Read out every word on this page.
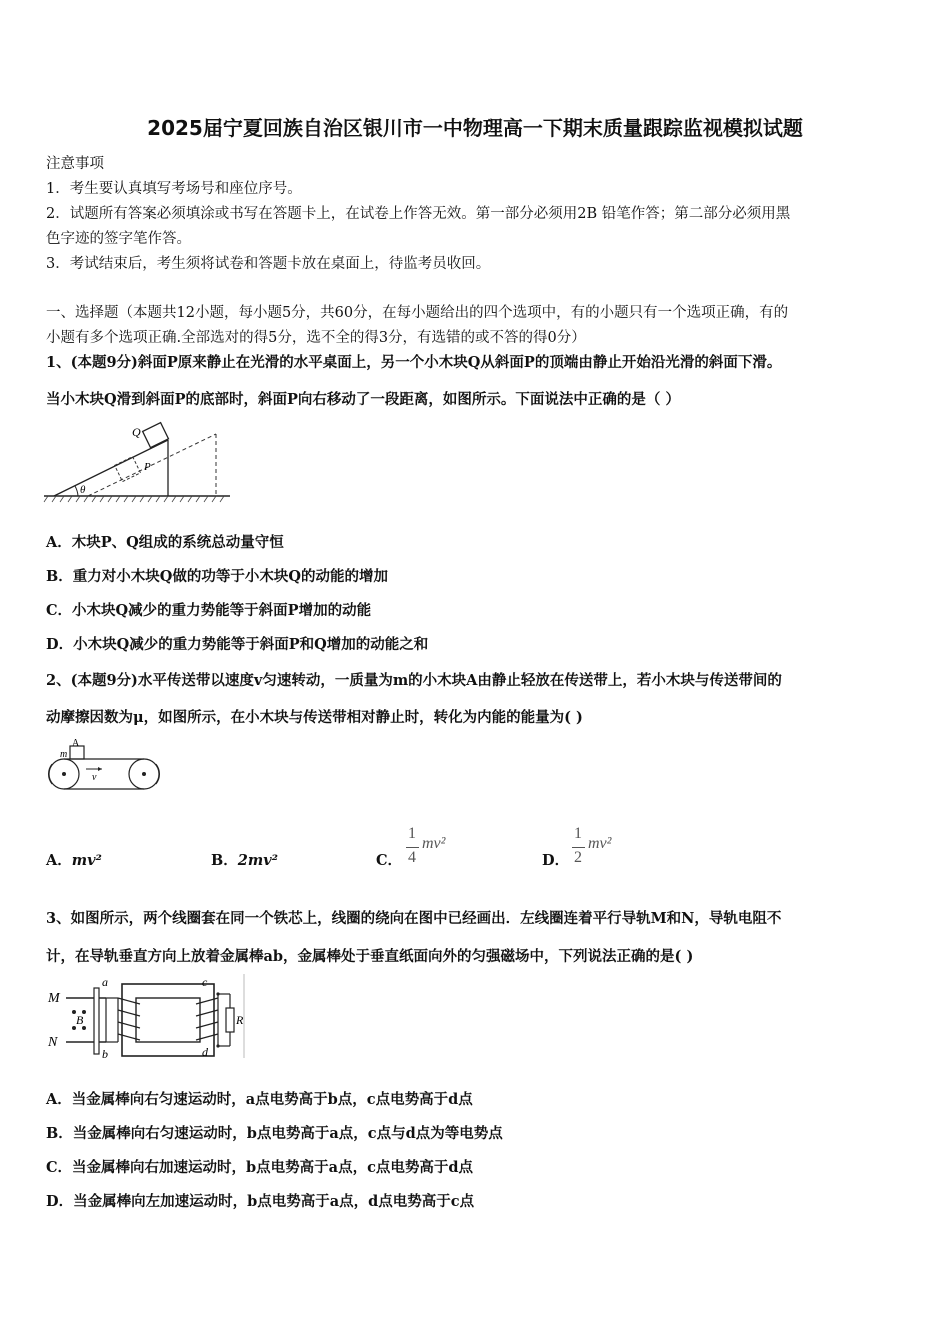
2025届宁夏回族自治区银川市一中物理高一下期末质量跟踪监视模拟试题
注意事项
1．考生要认真填写考场号和座位序号。
2．试题所有答案必须填涂或书写在答题卡上，在试卷上作答无效。第一部分必须用2B 铅笔作答；第二部分必须用黑
色字迹的签字笔作答。
3．考试结束后，考生须将试卷和答题卡放在桌面上，待监考员收回。
一、选择题（本题共12小题，每小题5分，共60分，在每小题给出的四个选项中，有的小题只有一个选项正确，有的
小题有多个选项正确.全部选对的得5分，选不全的得3分，有选错的或不答的得0分）
1、(本题9分)斜面P原来静止在光滑的水平桌面上，另一个小木块Q从斜面P的顶端由静止开始沿光滑的斜面下滑。
当小木块Q滑到斜面P的底部时，斜面P向右移动了一段距离，如图所示。下面说法中正确的是（ ）
θ
Q
P
A．木块P、Q组成的系统总动量守恒
B．重力对小木块Q做的功等于小木块Q的动能的增加
C．小木块Q减少的重力势能等于斜面P增加的动能
D．小木块Q减少的重力势能等于斜面P和Q增加的动能之和
2、(本题9分)水平传送带以速度v匀速转动，一质量为m的小木块A由静止轻放在传送带上，若小木块与传送带间的
动摩擦因数为μ，如图所示，在小木块与传送带相对静止时，转化为内能的能量为( )
A
m
v
A．mv²	B．2mv²	C．
1
4
mv²
D．
1
2
mv²
3、如图所示，两个线圈套在同一个铁芯上，线圈的绕向在图中已经画出．左线圈连着平行导轨M和N，导轨电阻不
计，在导轨垂直方向上放着金属棒ab，金属棒处于垂直纸面向外的匀强磁场中，下列说法正确的是( )
M
N
B
a
b
c
d
R
A．当金属棒向右匀速运动时，a点电势高于b点，c点电势高于d点
B．当金属棒向右匀速运动时，b点电势高于a点，c点与d点为等电势点
C．当金属棒向右加速运动时，b点电势高于a点，c点电势高于d点
D．当金属棒向左加速运动时，b点电势高于a点，d点电势高于c点
